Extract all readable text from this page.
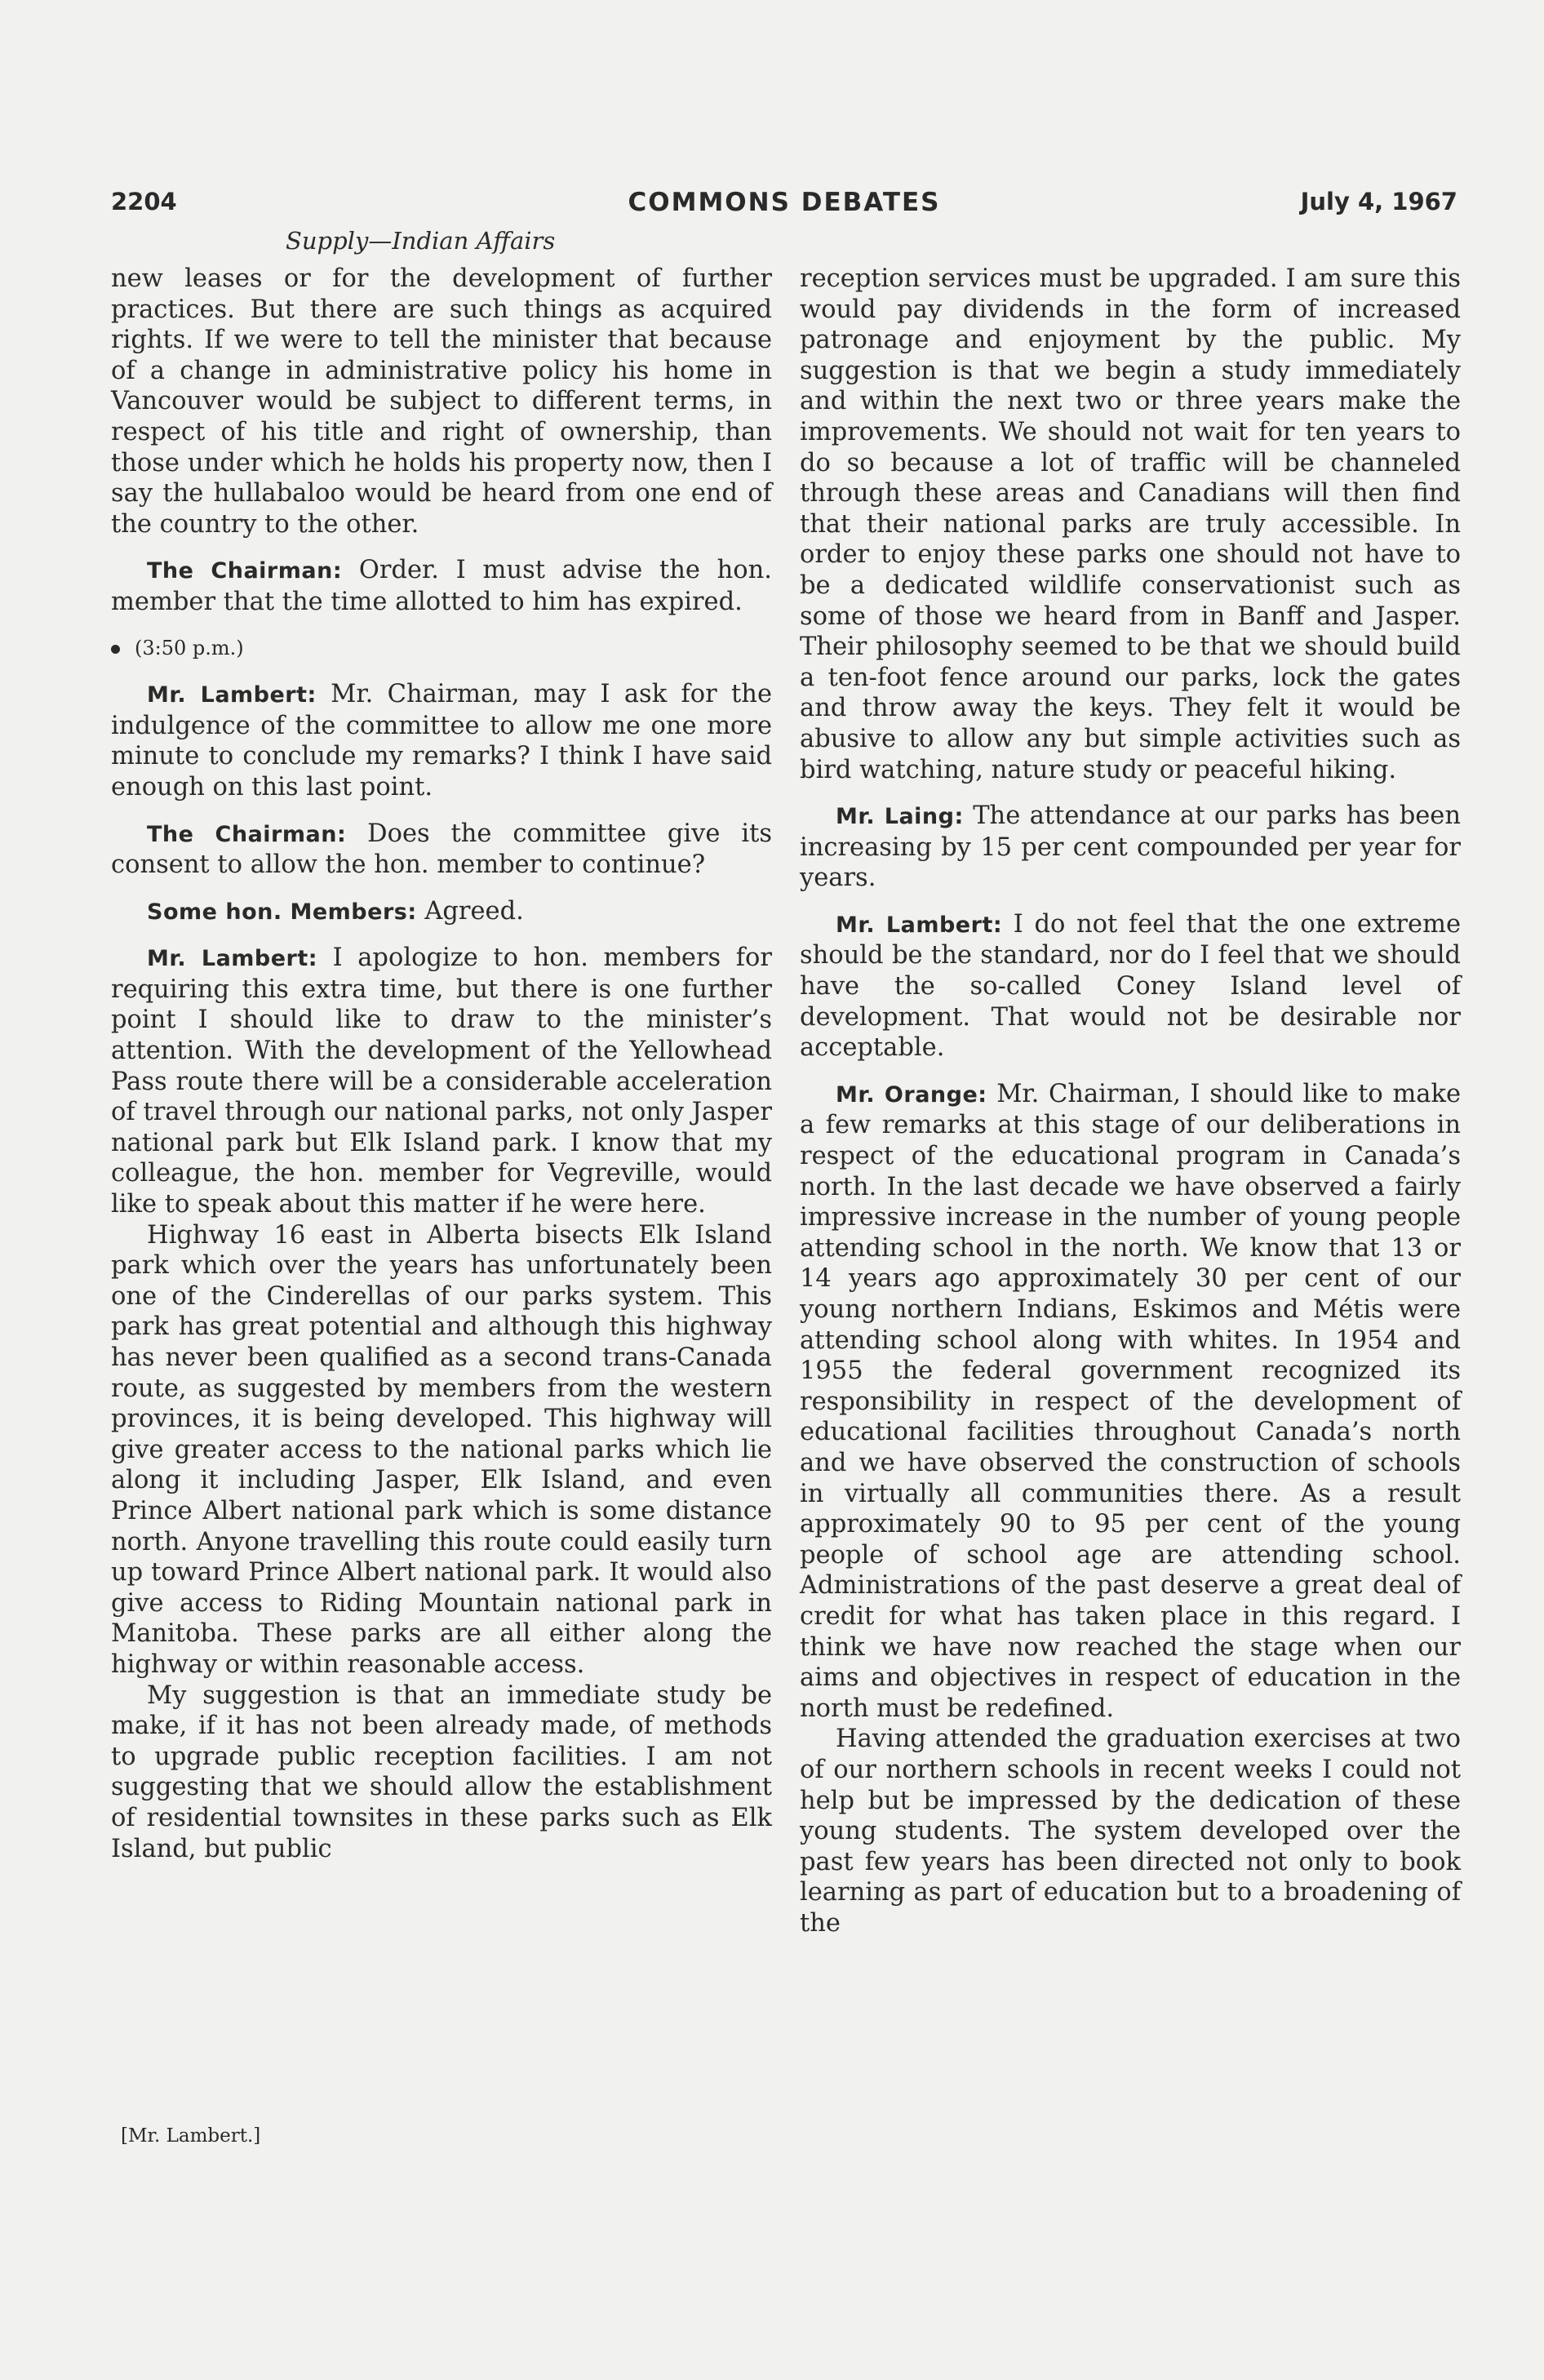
2204	COMMONS DEBATES	July 4, 1967
Supply—Indian Affairs

new leases or for the development of further practices. But there are such things as acquired rights. If we were to tell the minister that because of a change in administrative policy his home in Vancouver would be subject to different terms, in respect of his title and right of ownership, than those under which he holds his property now, then I say the hullabaloo would be heard from one end of the country to the other.

The Chairman: Order. I must advise the hon. member that the time allotted to him has expired.

(3:50 p.m.)

Mr. Lambert: Mr. Chairman, may I ask for the indulgence of the committee to allow me one more minute to conclude my remarks? I think I have said enough on this last point.

The Chairman: Does the committee give its consent to allow the hon. member to continue?

Some hon. Members: Agreed.

Mr. Lambert: I apologize to hon. members for requiring this extra time, but there is one further point I should like to draw to the minister’s attention. With the development of the Yellowhead Pass route there will be a considerable acceleration of travel through our national parks, not only Jasper national park but Elk Island park. I know that my colleague, the hon. member for Vegreville, would like to speak about this matter if he were here.

Highway 16 east in Alberta bisects Elk Island park which over the years has unfortunately been one of the Cinderellas of our parks system. This park has great potential and although this highway has never been qualified as a second trans-Canada route, as suggested by members from the western provinces, it is being developed. This highway will give greater access to the national parks which lie along it including Jasper, Elk Island, and even Prince Albert national park which is some distance north. Anyone travelling this route could easily turn up toward Prince Albert national park. It would also give access to Riding Mountain national park in Manitoba. These parks are all either along the highway or within reasonable access.

My suggestion is that an immediate study be make, if it has not been already made, of methods to upgrade public reception facilities. I am not suggesting that we should allow the establishment of residential townsites in these parks such as Elk Island, but public

reception services must be upgraded. I am sure this would pay dividends in the form of increased patronage and enjoyment by the public. My suggestion is that we begin a study immediately and within the next two or three years make the improvements. We should not wait for ten years to do so because a lot of traffic will be channeled through these areas and Canadians will then find that their national parks are truly accessible. In order to enjoy these parks one should not have to be a dedicated wildlife conservationist such as some of those we heard from in Banff and Jasper. Their philosophy seemed to be that we should build a ten-foot fence around our parks, lock the gates and throw away the keys. They felt it would be abusive to allow any but simple activities such as bird watching, nature study or peaceful hiking.

Mr. Laing: The attendance at our parks has been increasing by 15 per cent compounded per year for years.

Mr. Lambert: I do not feel that the one extreme should be the standard, nor do I feel that we should have the so-called Coney Island level of development. That would not be desirable nor acceptable.

Mr. Orange: Mr. Chairman, I should like to make a few remarks at this stage of our deliberations in respect of the educational program in Canada’s north. In the last decade we have observed a fairly impressive increase in the number of young people attending school in the north. We know that 13 or 14 years ago approximately 30 per cent of our young northern Indians, Eskimos and Métis were attending school along with whites. In 1954 and 1955 the federal government recognized its responsibility in respect of the development of educational facilities throughout Canada’s north and we have observed the construction of schools in virtually all communities there. As a result approximately 90 to 95 per cent of the young people of school age are attending school. Administrations of the past deserve a great deal of credit for what has taken place in this regard. I think we have now reached the stage when our aims and objectives in respect of education in the north must be redefined.

Having attended the graduation exercises at two of our northern schools in recent weeks I could not help but be impressed by the dedication of these young students. The system developed over the past few years has been directed not only to book learning as part of education but to a broadening of the

[Mr. Lambert.]
